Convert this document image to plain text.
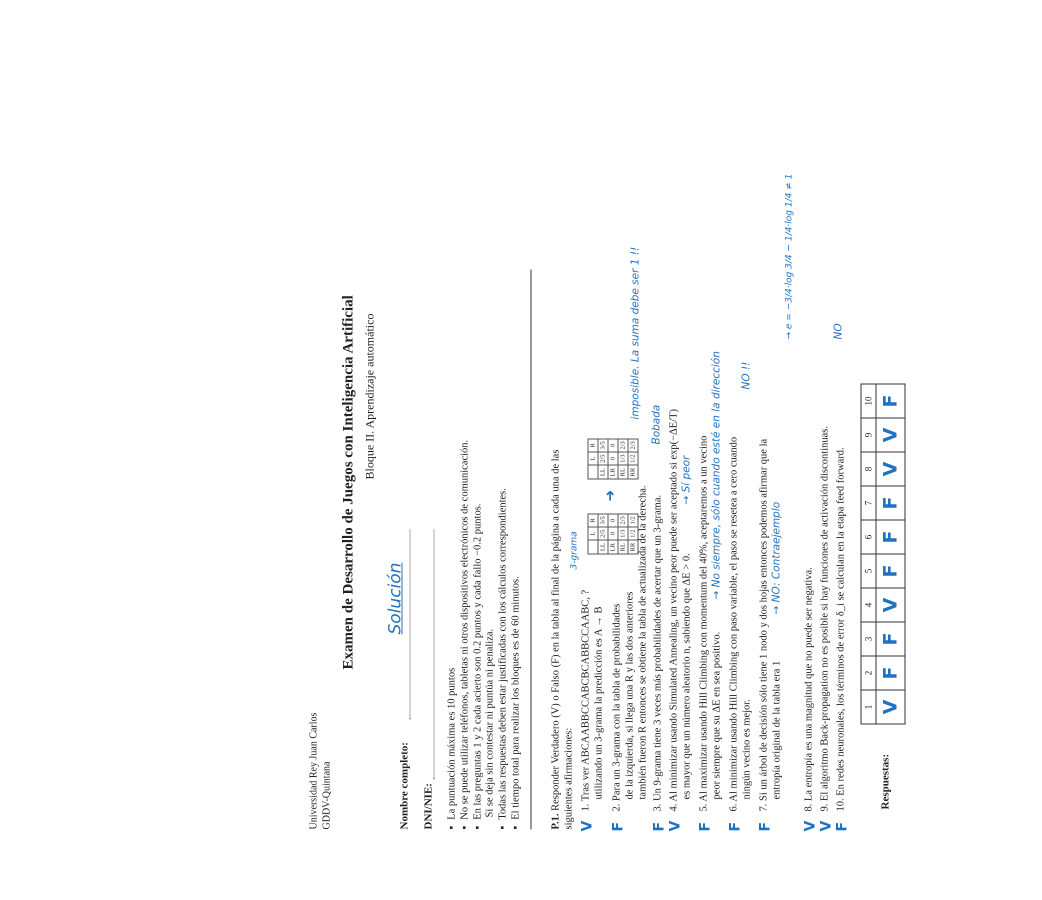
Universidad Rey Juan Carlos GDDV-Quintana
Examen de Desarrollo de Juegos con Inteligencia Artificial Bloque II. Aprendizaje automático
Nombre completo:
Solución
DNI/NIE: ▪ La puntuación máxima es 10 puntos ▪ No se puede utilizar teléfonos, tabletas ni otros dispositivos electrónicos de comunicación. ▪ En las preguntas 1 y 2 cada acierto son 0.2 puntos y cada fallo −0.2 puntos. Si se deja sin contestar ni puntúa ni penaliza. ▪ Todas las respuestas deben estar justificadas con los cálculos correspondientes. ▪ El tiempo total para realizar los bloques es de 60 minutos.
P.1. Responder Verdadero (V) o Falso (F) en la tabla al final de la página a cada una de las siguientes afirmaciones: V
1. Tras ver ABCAABBCCABCBCABBCCAABC, ? utilizando un 3-grama la predicción es A → B
3-grama
F
2. Para un 3-grama con la tabla de probabilidades de la izquierda, si llega una R y las dos anteriores también fueron R entonces se obtiene la tabla de actualizada de la derecha.
imposible. La suma debe ser 1 !!
	L	R
LL	2/5	3/5
LR	0	0
RL	1/3	2/3
RR	1/2	1/2
➜
	L	R
LL	2/5	3/5
LR	0	0
RL	1/3	2/3
RR	1/2	2/3
F
3. Un 9-grama tiene 3 veces más probabilidades de acertar que un 3-grama.
Bobada
V
4. Al minimizar usando Simulated Annealing, un vecino peor puede ser aceptado si exp(−ΔE/T) es mayor que un número aleatorio n, sabiendo que ΔE > 0.
→ Sí peor
F
5. Al maximizar usando Hill Climbing con momentum del 40%, aceptaremos a un vecino peor siempre que su ΔE en sea positivo.
→ No siempre, sólo cuando esté en la dirección
F
6. Al minimizar usando Hill Climbing con paso variable, el paso se resetea a cero cuando ningún vecino es mejor.
NO !!
F
7. Si un árbol de decisión sólo tiene 1 nodo y dos hojas entonces podemos afirmar que la entropía original de la tabla era 1
→ NO: Contraejemplo
→ e = −3/4·log 3/4 − 1/4·log 1/4 ≠ 1
V
8. La entropía es una magnitud que no puede ser negativa.
V
9. El algoritmo Back-propagation no es posible si hay funciones de activación discontinuas.
F
10. En redes neuronales, los términos de error δ_i se calculan en la etapa feed forward.
NO
Respuestas:
1	2	3	4	5	6	7	8	9	10
V	F	F	V	F	F	F	V	V	F
